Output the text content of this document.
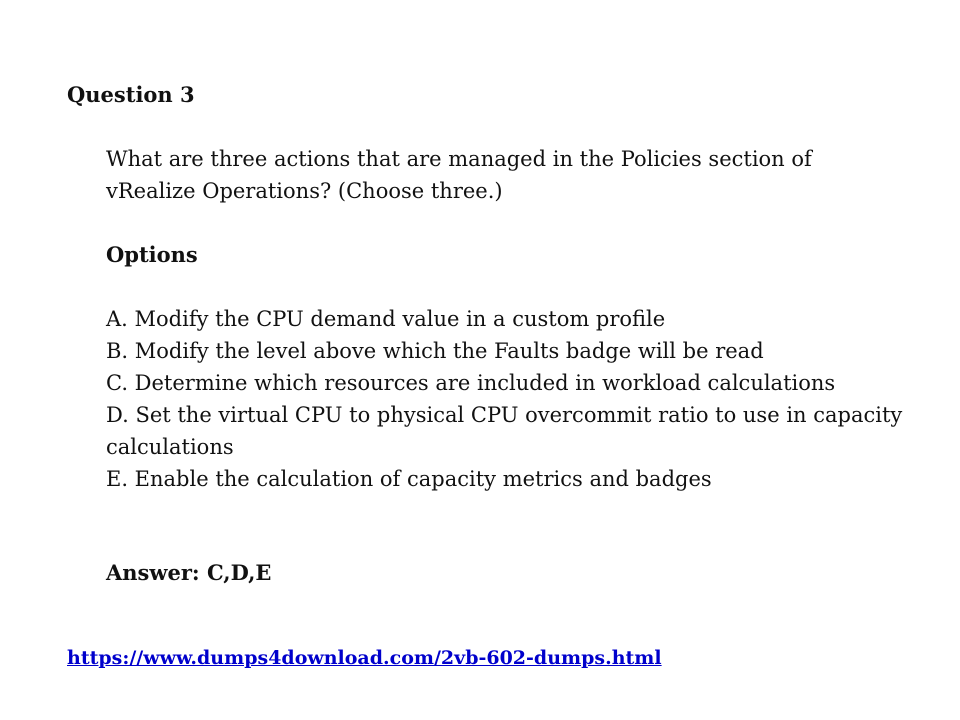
Question 3

What are three actions that are managed in the Policies section of vRealize Operations? (Choose three.)

Options
A. Modify the CPU demand value in a custom profile
B. Modify the level above which the Faults badge will be read
C. Determine which resources are included in workload calculations
D. Set the virtual CPU to physical CPU overcommit ratio to use in capacity calculations
E. Enable the calculation of capacity metrics and badges
Answer: C,D,E
https://www.dumps4download.com/2vb-602-dumps.html
